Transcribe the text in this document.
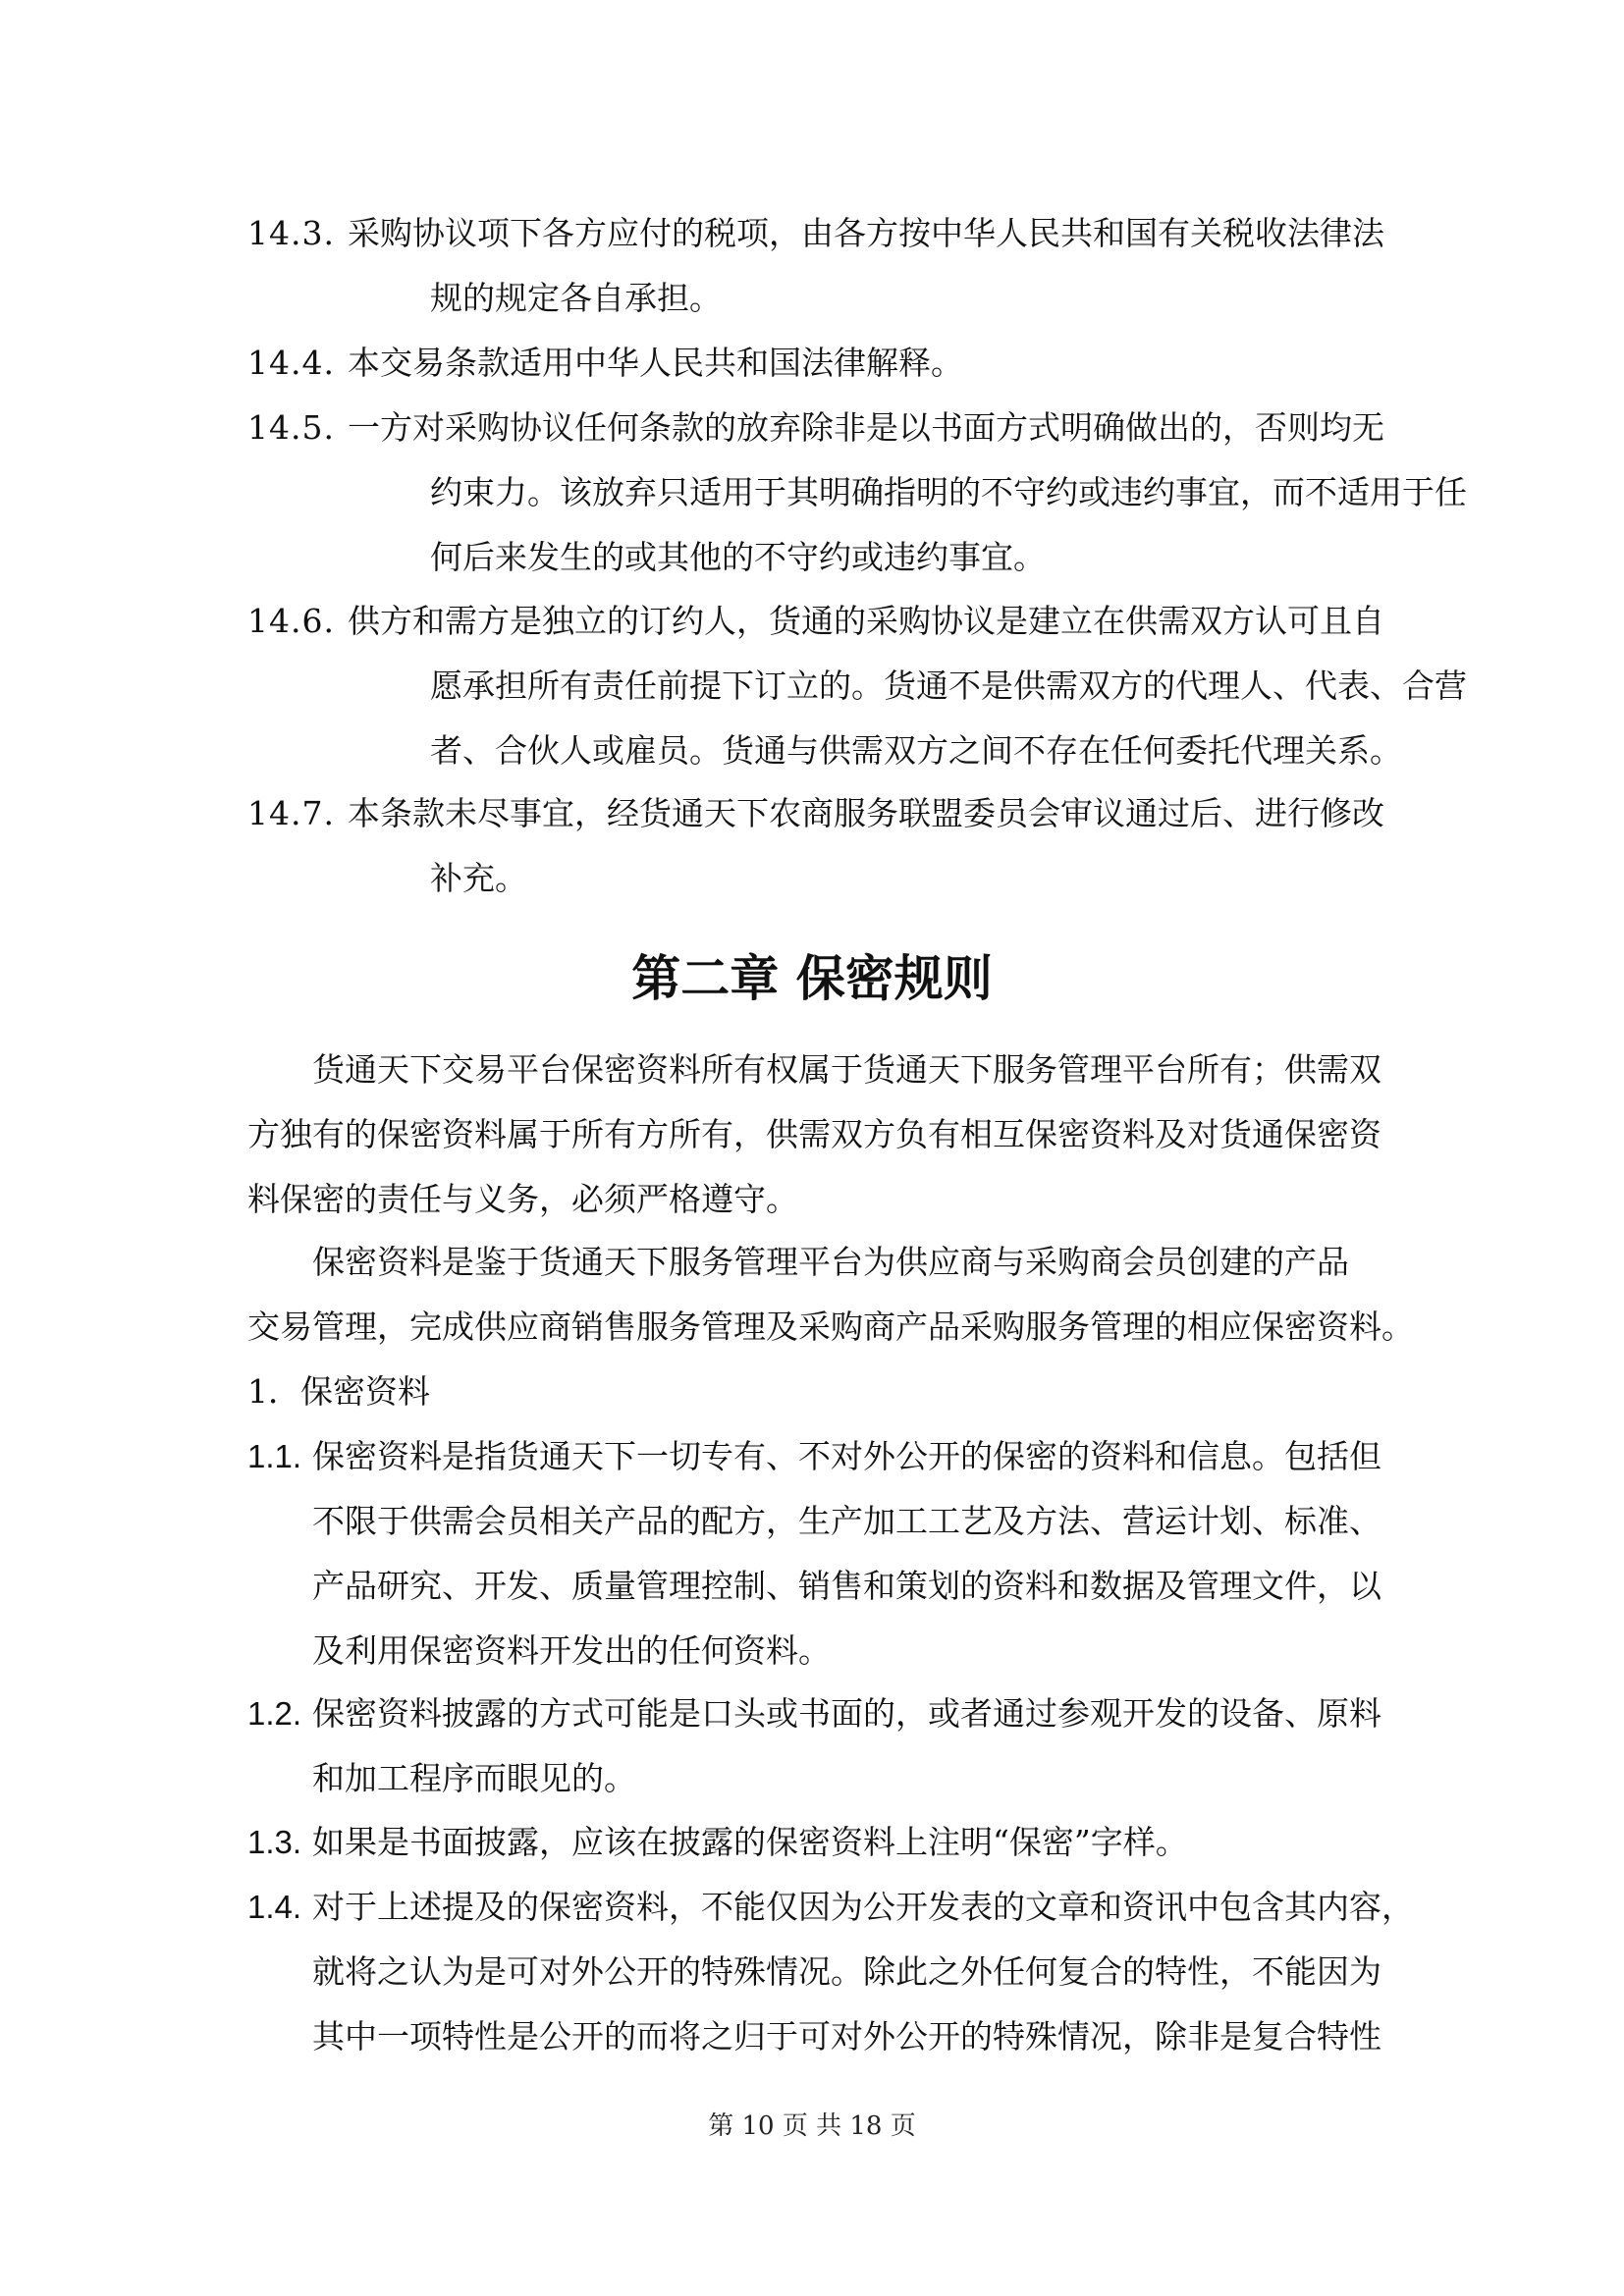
14.3. 采购协议项下各方应付的税项，由各方按中华人民共和国有关税收法律法
规的规定各自承担。
14.4. 本交易条款适用中华人民共和国法律解释。
14.5. 一方对采购协议任何条款的放弃除非是以书面方式明确做出的，否则均无
约束力。该放弃只适用于其明确指明的不守约或违约事宜，而不适用于任
何后来发生的或其他的不守约或违约事宜。
14.6. 供方和需方是独立的订约人，货通的采购协议是建立在供需双方认可且自
愿承担所有责任前提下订立的。货通不是供需双方的代理人、代表、合营
者、合伙人或雇员。货通与供需双方之间不存在任何委托代理关系。
14.7. 本条款未尽事宜，经货通天下农商服务联盟委员会审议通过后、进行修改
补充。
第二章 保密规则
货通天下交易平台保密资料所有权属于货通天下服务管理平台所有；供需双
方独有的保密资料属于所有方所有，供需双方负有相互保密资料及对货通保密资
料保密的责任与义务，必须严格遵守。
保密资料是鉴于货通天下服务管理平台为供应商与采购商会员创建的产品
交易管理，完成供应商销售服务管理及采购商产品采购服务管理的相应保密资料。
1．保密资料
1.1. 保密资料是指货通天下一切专有、不对外公开的保密的资料和信息。包括但
不限于供需会员相关产品的配方，生产加工工艺及方法、营运计划、标准、
产品研究、开发、质量管理控制、销售和策划的资料和数据及管理文件，以
及利用保密资料开发出的任何资料。
1.2. 保密资料披露的方式可能是口头或书面的，或者通过参观开发的设备、原料
和加工程序而眼见的。
1.3. 如果是书面披露，应该在披露的保密资料上注明“保密”字样。
1.4. 对于上述提及的保密资料，不能仅因为公开发表的文章和资讯中包含其内容，
就将之认为是可对外公开的特殊情况。除此之外任何复合的特性，不能因为
其中一项特性是公开的而将之归于可对外公开的特殊情况，除非是复合特性
第 10 页 共 18 页
